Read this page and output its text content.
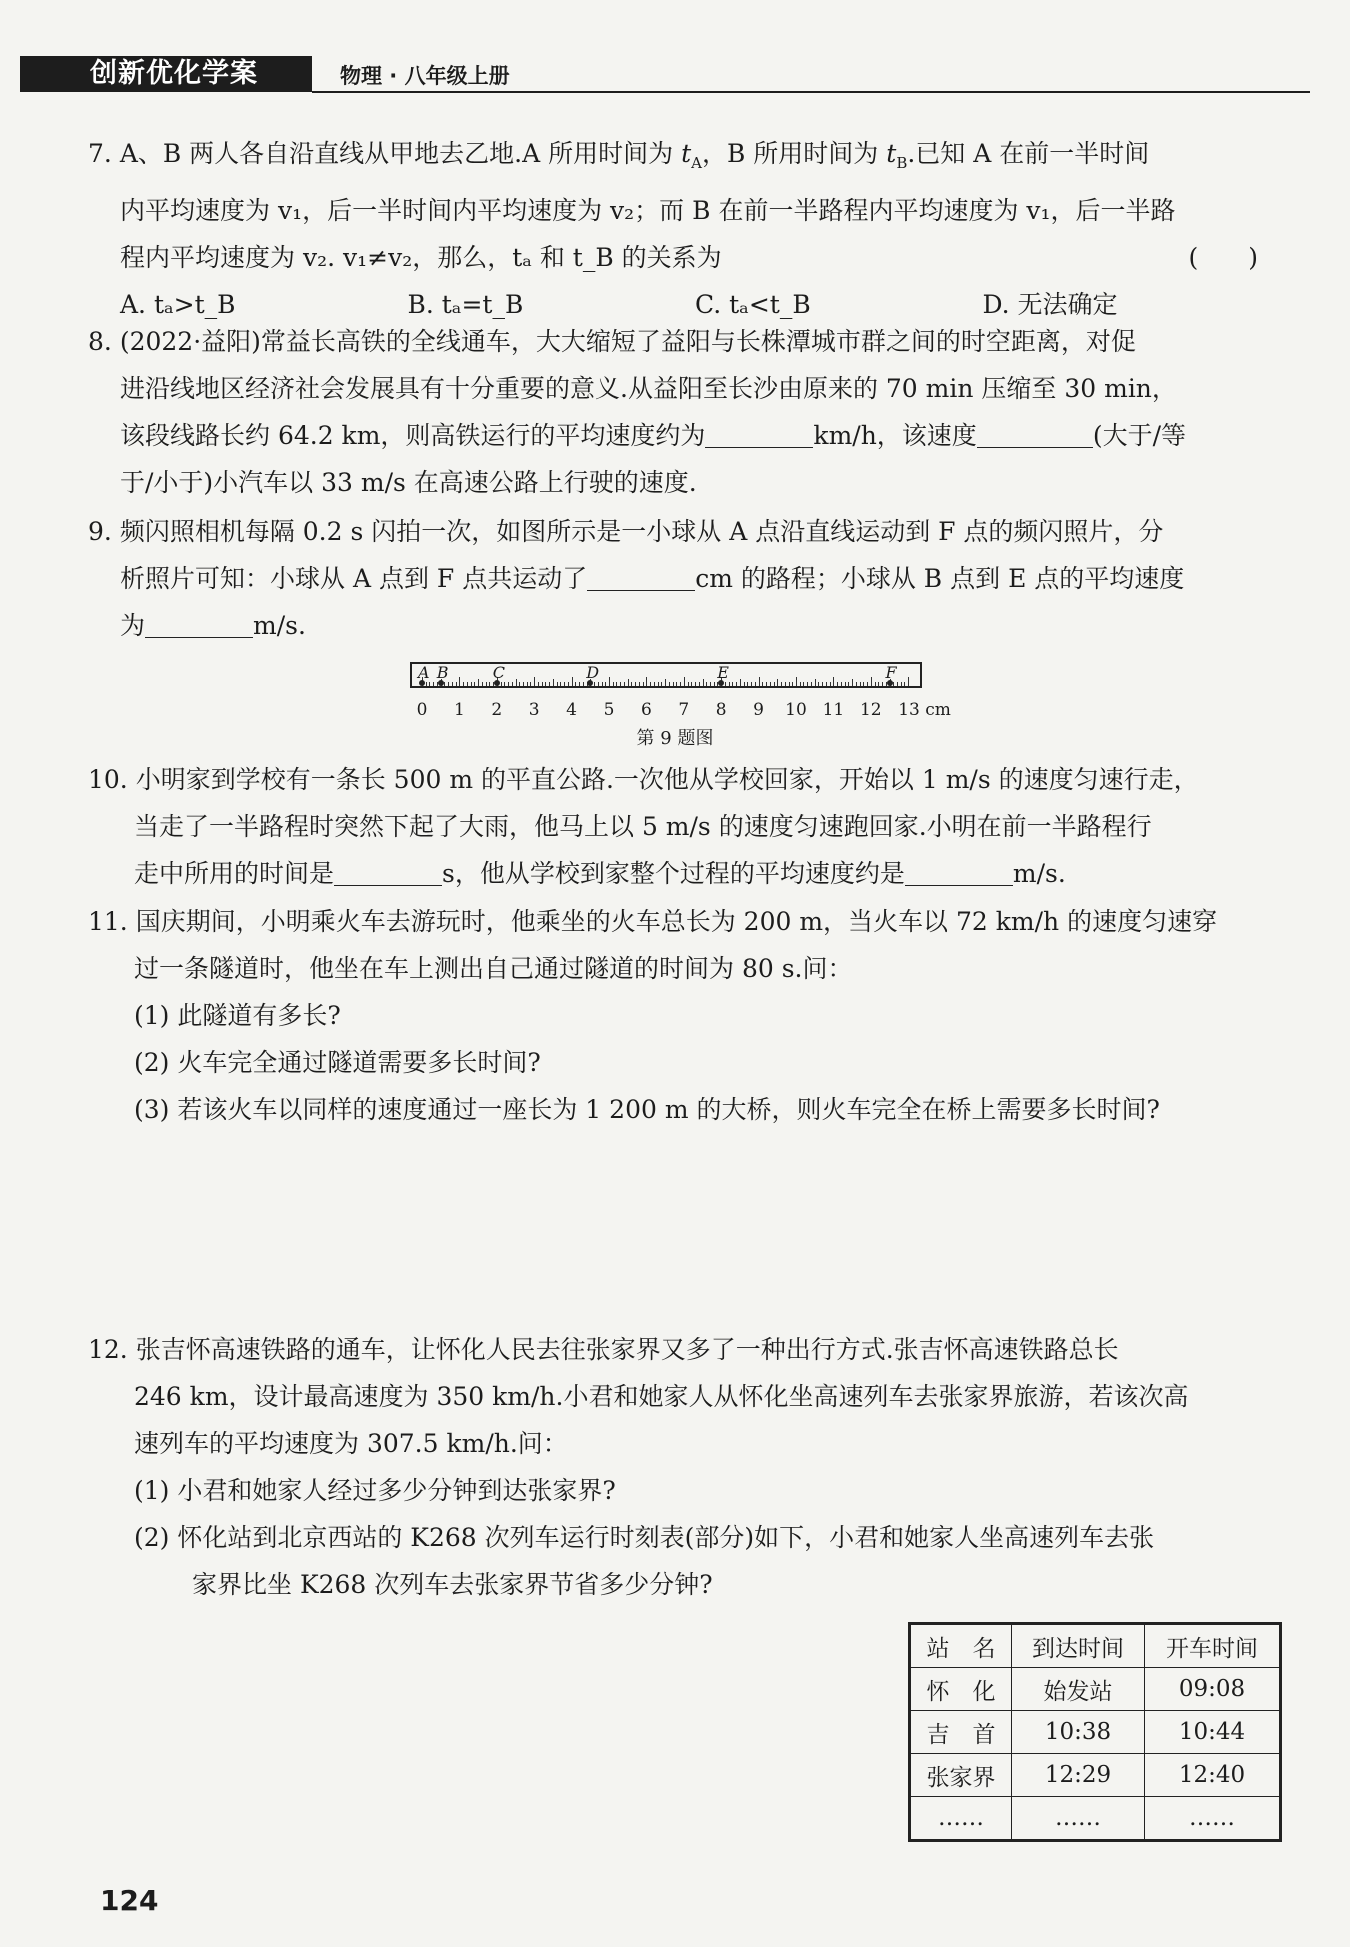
创新优化学案	物理 · 八年级上册

7. A、B 两人各自沿直线从甲地去乙地.A 所用时间为 $t_A$，B 所用时间为 $t_B$.已知 A 在前一半时间

内平均速度为 v₁，后一半时间内平均速度为 v₂；而 B 在前一半路程内平均速度为 v₁，后一半路

程内平均速度为 v₂. v₁≠v₂，那么，tₐ 和 t_B 的关系为	(　　)

A. tₐ>t_B	B. tₐ=t_B	C. tₐ<t_B	D. 无法确定

8. (2022·益阳)常益长高铁的全线通车，大大缩短了益阳与长株潭城市群之间的时空距离，对促

进沿线地区经济社会发展具有十分重要的意义.从益阳至长沙由原来的 70 min 压缩至 30 min，

该段线路长约 64.2 km，则高铁运行的平均速度约为	km/h，该速度	(大于/等

于/小于)小汽车以 33 m/s 在高速公路上行驶的速度.

9. 频闪照相机每隔 0.2 s 闪拍一次，如图所示是一小球从 A 点沿直线运动到 F 点的频闪照片，分

析照片可知：小球从 A 点到 F 点共运动了	cm 的路程；小球从 B 点到 E 点的平均速度

为	m/s.

A B	C	D	E	F
0 1 2 3 4 5 6 7 8 9 10 11 12 13 cm
第 9 题图

10. 小明家到学校有一条长 500 m 的平直公路.一次他从学校回家，开始以 1 m/s 的速度匀速行走，

当走了一半路程时突然下起了大雨，他马上以 5 m/s 的速度匀速跑回家.小明在前一半路程行

走中所用的时间是	s，他从学校到家整个过程的平均速度约是	m/s.

11. 国庆期间，小明乘火车去游玩时，他乘坐的火车总长为 200 m，当火车以 72 km/h 的速度匀速穿

过一条隧道时，他坐在车上测出自己通过隧道的时间为 80 s.问：

(1) 此隧道有多长?

(2) 火车完全通过隧道需要多长时间?

(3) 若该火车以同样的速度通过一座长为 1 200 m 的大桥，则火车完全在桥上需要多长时间?

12. 张吉怀高速铁路的通车，让怀化人民去往张家界又多了一种出行方式.张吉怀高速铁路总长

246 km，设计最高速度为 350 km/h.小君和她家人从怀化坐高速列车去张家界旅游，若该次高

速列车的平均速度为 307.5 km/h.问：

(1) 小君和她家人经过多少分钟到达张家界?

(2) 怀化站到北京西站的 K268 次列车运行时刻表(部分)如下，小君和她家人坐高速列车去张

家界比坐 K268 次列车去张家界节省多少分钟?

站　名	到达时间	开车时间
怀　化	始发站	09:08
吉　首	10:38	10:44
张家界	12:29	12:40
……	……	……
124
